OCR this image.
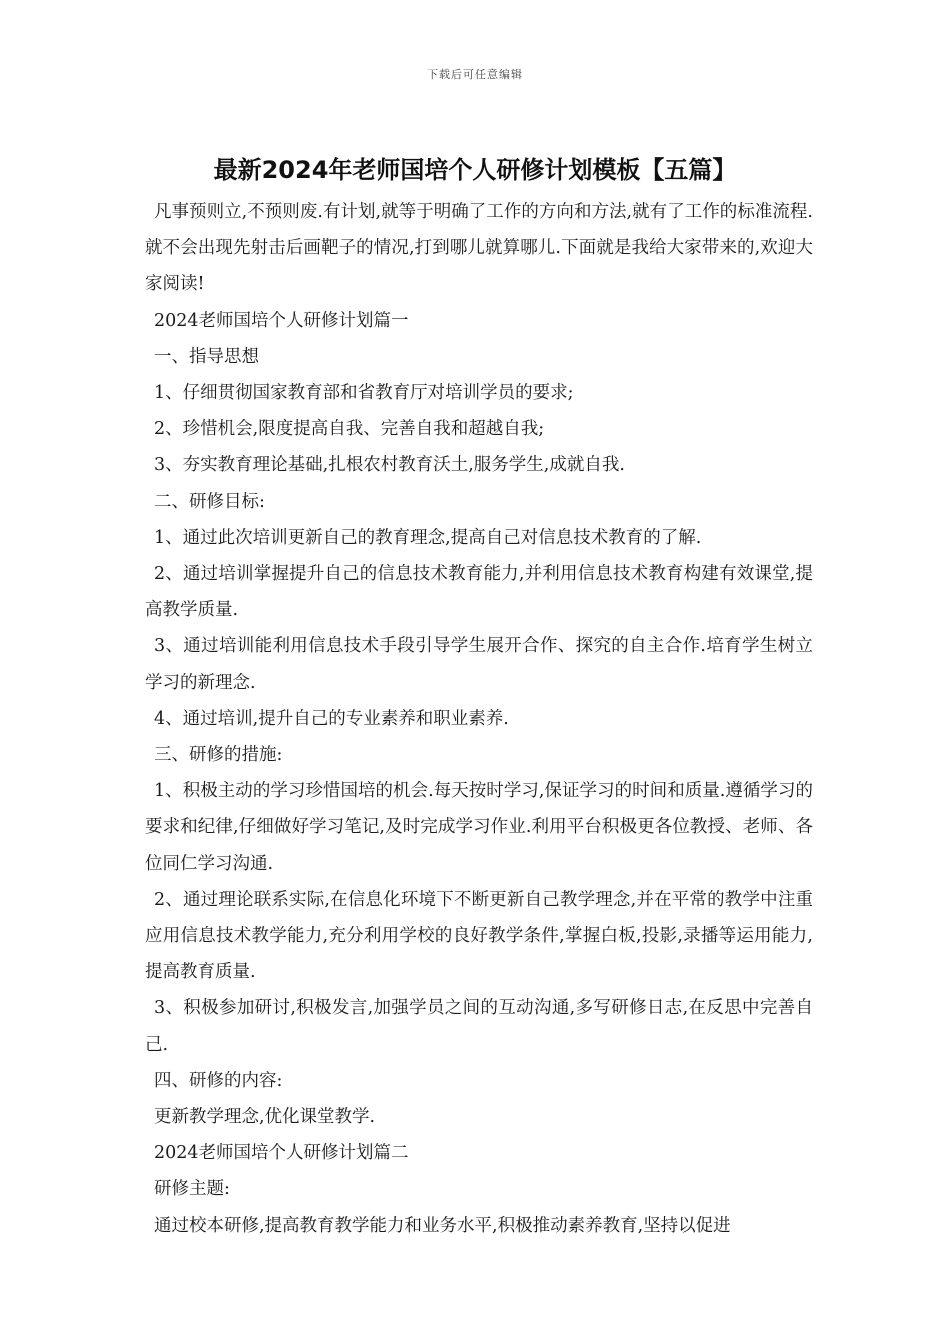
下载后可任意编辑
最新2024年老师国培个人研修计划模板【五篇】

凡事预则立,不预则废.有计划,就等于明确了工作的方向和方法,就有了工作的标准流程.就不会出现先射击后画靶子的情况,打到哪儿就算哪儿.下面就是我给大家带来的,欢迎大家阅读!

2024老师国培个人研修计划篇一

一、指导思想

1、仔细贯彻国家教育部和省教育厅对培训学员的要求;

2、珍惜机会,限度提高自我、完善自我和超越自我;

3、夯实教育理论基础,扎根农村教育沃土,服务学生,成就自我.

二、研修目标:

1、通过此次培训更新自己的教育理念,提高自己对信息技术教育的了解.

2、通过培训掌握提升自己的信息技术教育能力,并利用信息技术教育构建有效课堂,提高教学质量.

3、通过培训能利用信息技术手段引导学生展开合作、探究的自主合作.培育学生树立学习的新理念.

4、通过培训,提升自己的专业素养和职业素养.

三、研修的措施:

1、积极主动的学习珍惜国培的机会.每天按时学习,保证学习的时间和质量.遵循学习的要求和纪律,仔细做好学习笔记,及时完成学习作业.利用平台积极更各位教授、老师、各位同仁学习沟通.

2、通过理论联系实际,在信息化环境下不断更新自己教学理念,并在平常的教学中注重应用信息技术教学能力,充分利用学校的良好教学条件,掌握白板,投影,录播等运用能力,提高教育质量.

3、积极参加研讨,积极发言,加强学员之间的互动沟通,多写研修日志,在反思中完善自己.

四、研修的内容:

更新教学理念,优化课堂教学.

2024老师国培个人研修计划篇二

研修主题:

通过校本研修,提高教育教学能力和业务水平,积极推动素养教育,坚持以促进
